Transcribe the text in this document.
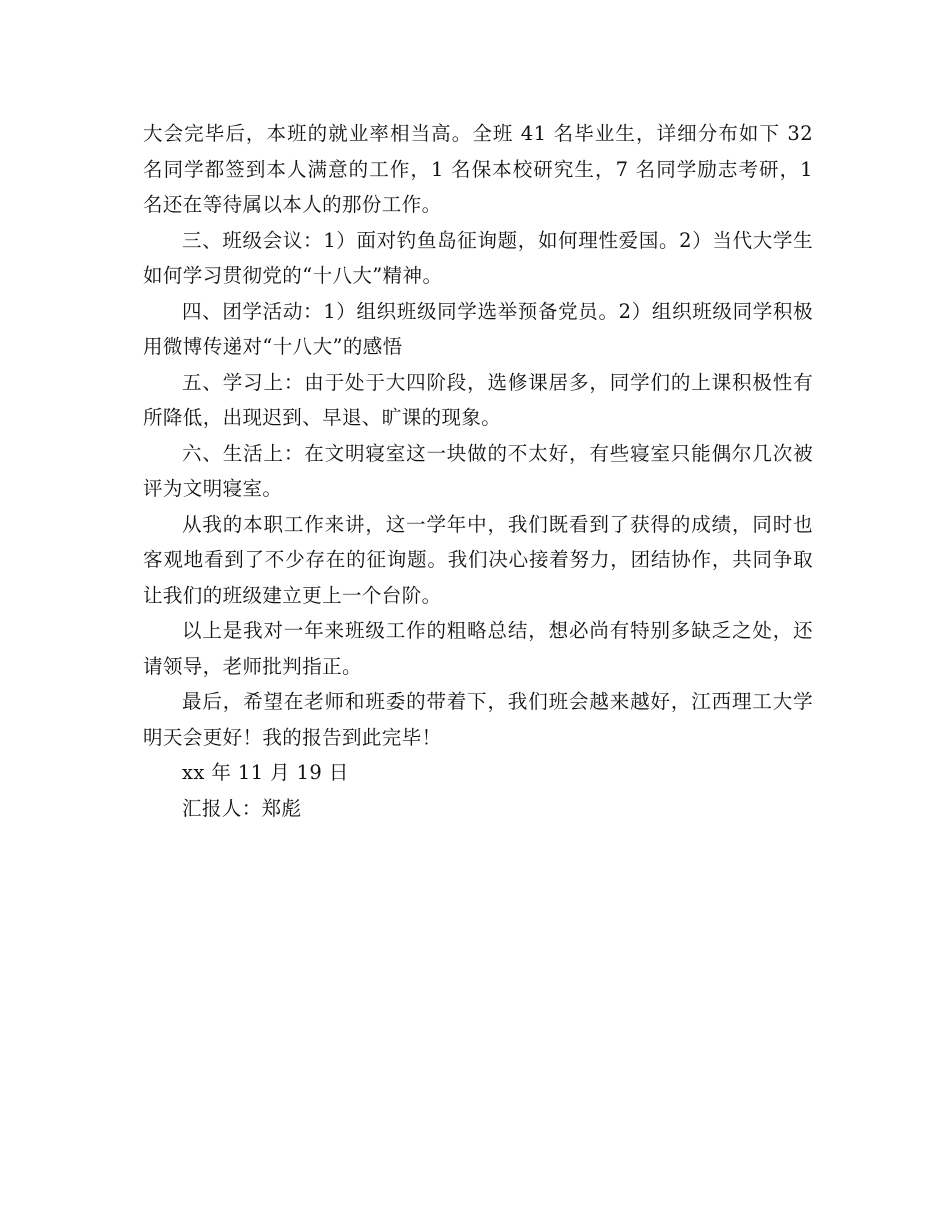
大会完毕后，本班的就业率相当高。全班 41 名毕业生，详细分布如下 32 名同学都签到本人满意的工作，1 名保本校研究生，7 名同学励志考研，1 名还在等待属以本人的那份工作。

三、班级会议：1）面对钓鱼岛征询题，如何理性爱国。2）当代大学生如何学习贯彻党的“十八大”精神。

四、团学活动：1）组织班级同学选举预备党员。2）组织班级同学积极用微博传递对“十八大”的感悟

五、学习上：由于处于大四阶段，选修课居多，同学们的上课积极性有所降低，出现迟到、早退、旷课的现象。

六、生活上：在文明寝室这一块做的不太好，有些寝室只能偶尔几次被评为文明寝室。

从我的本职工作来讲，这一学年中，我们既看到了获得的成绩，同时也客观地看到了不少存在的征询题。我们决心接着努力，团结协作，共同争取让我们的班级建立更上一个台阶。

以上是我对一年来班级工作的粗略总结，想必尚有特别多缺乏之处，还请领导，老师批判指正。

最后，希望在老师和班委的带着下，我们班会越来越好，江西理工大学明天会更好！我的报告到此完毕！

xx 年 11 月 19 日

汇报人：郑彪
